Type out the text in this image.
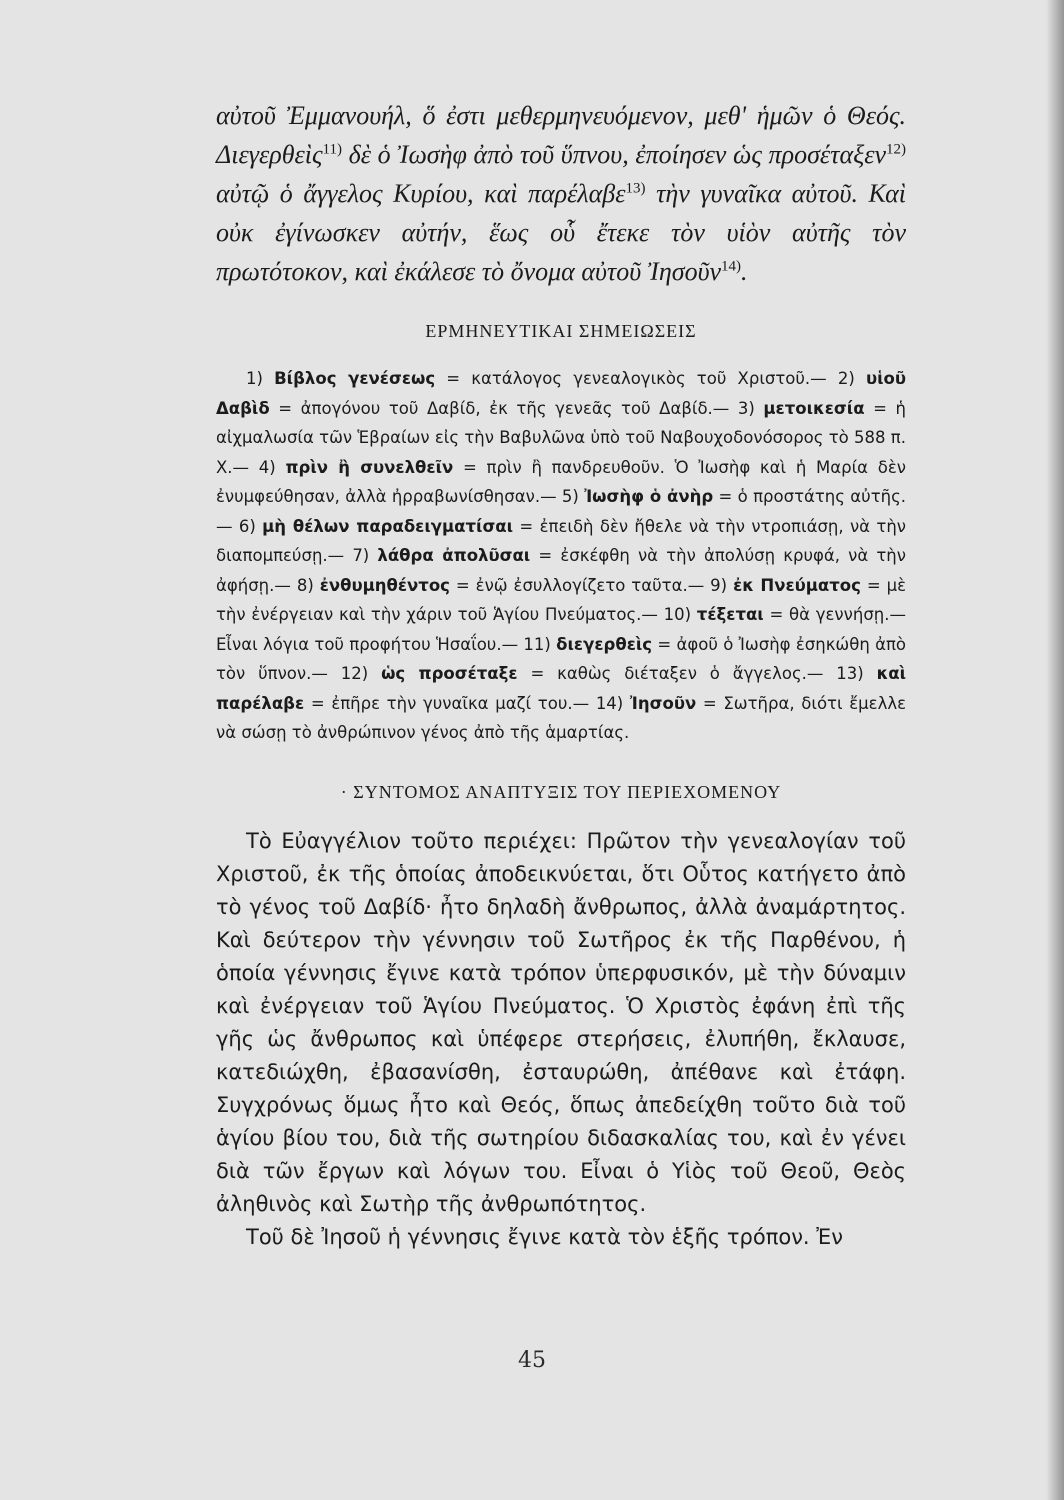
αὐτοῦ Ἐμμανουήλ, ὅ ἐστι μεθερμηνευόμενον, μεθ' ἡμῶν ὁ Θεός. Διεγερθεὶς$^{11)}$ δὲ ὁ Ἰωσὴφ ἀπὸ τοῦ ὕπνου, ἐποίησεν ὡς προσέταξεν$^{12)}$ αὐτῷ ὁ ἄγγελος Κυρίου, καὶ παρέλαβε$^{13)}$ τὴν γυναῖκα αὐτοῦ. Καὶ οὐκ ἐγίνωσκεν αὐτήν, ἕως οὗ ἔτεκε τὸν υἱὸν αὐτῆς τὸν πρωτότοκον, καὶ ἐκάλεσε τὸ ὄνομα αὐτοῦ Ἰησοῦν$^{14)}$.

ΕΡΜΗΝΕΥΤΙΚΑΙ ΣΗΜΕΙΩΣΕΙΣ

1) Βίβλος γενέσεως = κατάλογος γενεαλογικὸς τοῦ Χριστοῦ.— 2) υἱοῦ Δαβὶδ = ἀπογόνου τοῦ Δαβίδ, ἐκ τῆς γενεᾶς τοῦ Δαβίδ.— 3) μετοικεσία = ἡ αἰχμαλωσία τῶν Ἑβραίων εἰς τὴν Βαβυλῶνα ὑπὸ τοῦ Ναβουχοδονόσορος τὸ 588 π. Χ.— 4) πρὶν ἢ συνελθεῖν = πρὶν ἢ πανδρευθοῦν. Ὁ Ἰωσὴφ καὶ ἡ Μαρία δὲν ἐνυμφεύθησαν, ἀλλὰ ἠρραβωνίσθησαν.— 5) Ἰωσὴφ ὁ ἀνὴρ = ὁ προστάτης αὐτῆς.— 6) μὴ θέλων παραδειγματίσαι = ἐπειδὴ δὲν ἤθελε νὰ τὴν ντροπιάσῃ, νὰ τὴν διαπομπεύσῃ.— 7) λάθρα ἀπολῦσαι = ἐσκέφθη νὰ τὴν ἀπολύσῃ κρυφά, νὰ τὴν ἀφήσῃ.— 8) ἐνθυμηθέντος = ἐνῷ ἐσυλλογίζετο ταῦτα.— 9) ἐκ Πνεύματος = μὲ τὴν ἐνέργειαν καὶ τὴν χάριν τοῦ Ἁγίου Πνεύματος.— 10) τέξεται = θὰ γεννήσῃ.— Εἶναι λόγια τοῦ προφήτου Ἡσαΐου.— 11) διεγερθεὶς = ἀφοῦ ὁ Ἰωσὴφ ἐσηκώθη ἀπὸ τὸν ὕπνον.— 12) ὡς προσέταξε = καθὼς διέταξεν ὁ ἄγγελος.— 13) καὶ παρέλαβε = ἐπῆρε τὴν γυναῖκα μαζί του.— 14) Ἰησοῦν = Σωτῆρα, διότι ἔμελλε νὰ σώσῃ τὸ ἀνθρώπινον γένος ἀπὸ τῆς ἁμαρτίας.

· ΣΥΝΤΟΜΟΣ ΑΝΑΠΤΥΞΙΣ ΤΟΥ ΠΕΡΙΕΧΟΜΕΝΟΥ

Τὸ Εὐαγγέλιον τοῦτο περιέχει: Πρῶτον τὴν γενεαλογίαν τοῦ Χριστοῦ, ἐκ τῆς ὁποίας ἀποδεικνύεται, ὅτι Οὗτος κατήγετο ἀπὸ τὸ γένος τοῦ Δαβίδ· ἦτο δηλαδὴ ἄνθρωπος, ἀλλὰ ἀναμάρτητος. Καὶ δεύτερον τὴν γέννησιν τοῦ Σωτῆρος ἐκ τῆς Παρθένου, ἡ ὁποία γέννησις ἔγινε κατὰ τρόπον ὑπερφυσικόν, μὲ τὴν δύναμιν καὶ ἐνέργειαν τοῦ Ἁγίου Πνεύματος. Ὁ Χριστὸς ἐφάνη ἐπὶ τῆς γῆς ὡς ἄνθρωπος καὶ ὑπέφερε στερήσεις, ἐλυπήθη, ἔκλαυσε, κατεδιώχθη, ἐβασανίσθη, ἐσταυρώθη, ἀπέθανε καὶ ἐτάφη. Συγχρόνως ὅμως ἦτο καὶ Θεός, ὅπως ἀπεδείχθη τοῦτο διὰ τοῦ ἁγίου βίου του, διὰ τῆς σωτηρίου διδασκαλίας του, καὶ ἐν γένει διὰ τῶν ἔργων καὶ λόγων του. Εἶναι ὁ Υἱὸς τοῦ Θεοῦ, Θεὸς ἀληθινὸς καὶ Σωτὴρ τῆς ἀνθρωπότητος.

Τοῦ δὲ Ἰησοῦ ἡ γέννησις ἔγινε κατὰ τὸν ἑξῆς τρόπον. Ἐν

45
